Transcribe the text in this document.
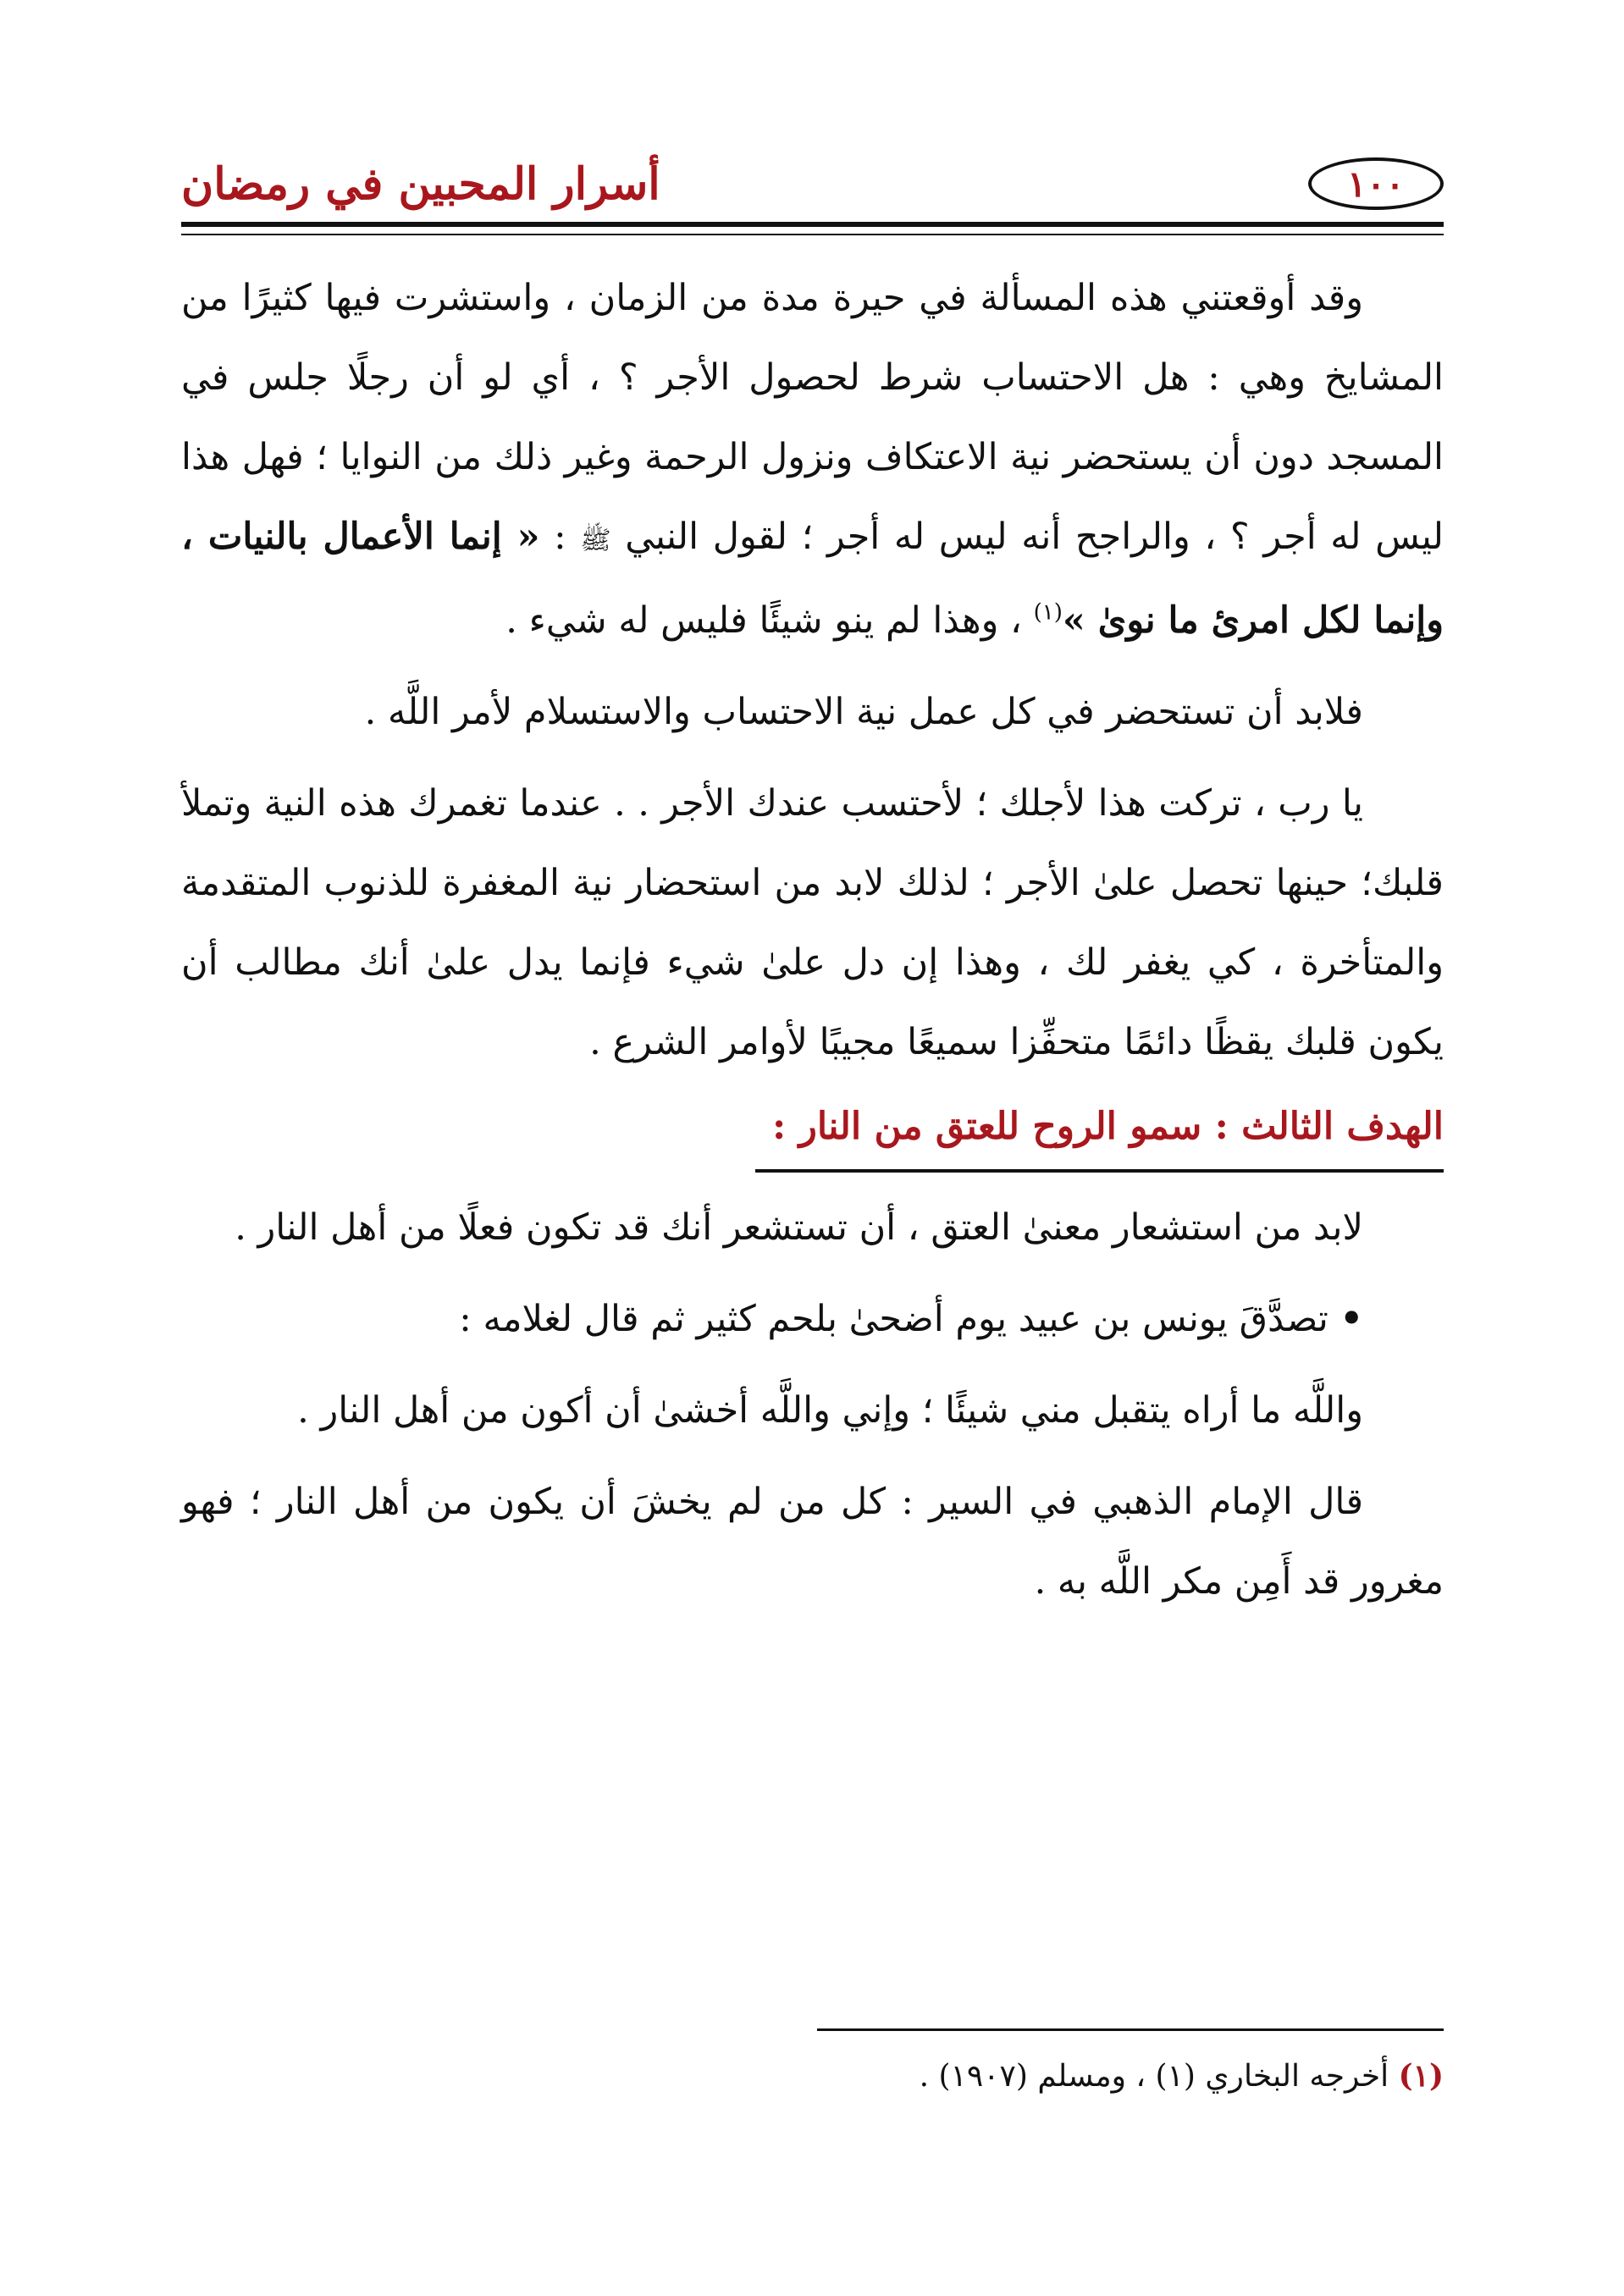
١٠٠
أسرار المحبين في رمضان

وقد أوقعتني هذه المسألة في حيرة مدة من الزمان ، واستشرت فيها كثيرًا من المشايخ وهي : هل الاحتساب شرط لحصول الأجر ؟ ، أي لو أن رجلًا جلس في المسجد دون أن يستحضر نية الاعتكاف ونزول الرحمة وغير ذلك من النوايا ؛ فهل هذا ليس له أجر ؟ ، والراجح أنه ليس له أجر ؛ لقول النبي ﷺ : « إنما الأعمال بالنيات ، وإنما لكل امرئ ما نوىٰ »$^{(١)}$ ، وهذا لم ينو شيئًا فليس له شيء .

فلابد أن تستحضر في كل عمل نية الاحتساب والاستسلام لأمر اللَّه .

يا رب ، تركت هذا لأجلك ؛ لأحتسب عندك الأجر . . عندما تغمرك هذه النية وتملأ قلبك؛ حينها تحصل علىٰ الأجر ؛ لذلك لابد من استحضار نية المغفرة للذنوب المتقدمة والمتأخرة ، كي يغفر لك ، وهذا إن دل علىٰ شيء فإنما يدل علىٰ أنك مطالب أن يكون قلبك يقظًا دائمًا متحفِّزا سميعًا مجيبًا لأوامر الشرع .

الهدف الثالث : سمو الروح للعتق من النار :

لابد من استشعار معنىٰ العتق ، أن تستشعر أنك قد تكون فعلًا من أهل النار .

• تصدَّقَ يونس بن عبيد يوم أضحىٰ بلحم كثير ثم قال لغلامه :

واللَّه ما أراه يتقبل مني شيئًا ؛ وإني واللَّه أخشىٰ أن أكون من أهل النار .

قال الإمام الذهبي في السير : كل من لم يخشَ أن يكون من أهل النار ؛ فهو مغرور قد أَمِن مكر اللَّه به .

(١) أخرجه البخاري (١) ، ومسلم (١٩٠٧) .
